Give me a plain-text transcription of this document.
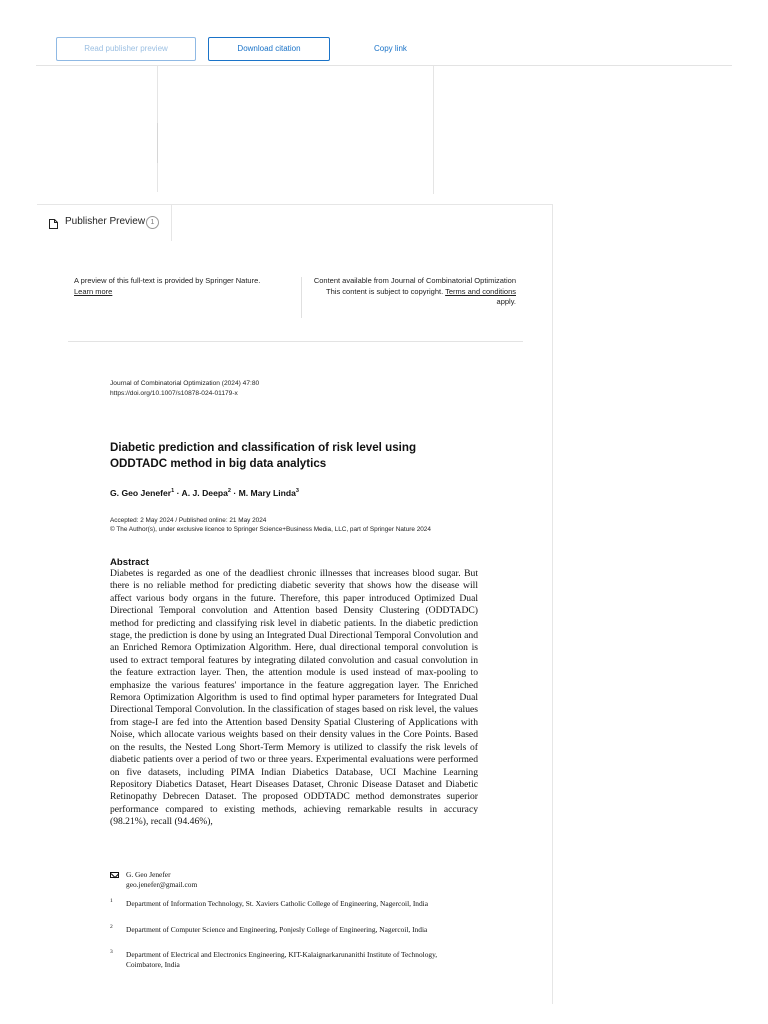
Read publisher preview	Download citation	Copy link
Publisher Preview 1
A preview of this full-text is provided by Springer Nature.
Learn more
Content available from Journal of Combinatorial Optimization
This content is subject to copyright. Terms and conditions apply.
Journal of Combinatorial Optimization (2024) 47:80
https://doi.org/10.1007/s10878-024-01179-x
Diabetic prediction and classification of risk level using ODDTADC method in big data analytics
G. Geo Jenefer$^1$ · A. J. Deepa$^2$ · M. Mary Linda$^3$
Accepted: 2 May 2024 / Published online: 21 May 2024
© The Author(s), under exclusive licence to Springer Science+Business Media, LLC, part of Springer Nature 2024
Abstract

Diabetes is regarded as one of the deadliest chronic illnesses that increases blood sugar. But there is no reliable method for predicting diabetic severity that shows how the disease will affect various body organs in the future. Therefore, this paper introduced Optimized Dual Directional Temporal convolution and Attention based Density Clustering (ODDTADC) method for predicting and classifying risk level in diabetic patients. In the diabetic prediction stage, the prediction is done by using an Integrated Dual Directional Temporal Convolution and an Enriched Remora Optimization Algorithm. Here, dual directional temporal convolution is used to extract temporal features by integrating dilated convolution and casual convolution in the feature extraction layer. Then, the attention module is used instead of max-pooling to emphasize the various features' importance in the feature aggregation layer. The Enriched Remora Optimization Algorithm is used to find optimal hyper parameters for Integrated Dual Directional Temporal Convolution. In the classification of stages based on risk level, the values from stage-I are fed into the Attention based Density Spatial Clustering of Applications with Noise, which allocate various weights based on their density values in the Core Points. Based on the results, the Nested Long Short-Term Memory is utilized to classify the risk levels of diabetic patients over a period of two or three years. Experimental evaluations were performed on five datasets, including PIMA Indian Diabetics Database, UCI Machine Learning Repository Diabetics Dataset, Heart Diseases Dataset, Chronic Disease Dataset and Diabetic Retinopathy Debrecen Dataset. The proposed ODDTADC method demonstrates superior performance compared to existing methods, achieving remarkable results in accuracy (98.21%), recall (94.46%),

G. Geo Jenefer
geo.jenefer@gmail.com
1 Department of Information Technology, St. Xaviers Catholic College of Engineering, Nagercoil, India
2 Department of Computer Science and Engineering, Ponjesly College of Engineering, Nagercoil, India
3 Department of Electrical and Electronics Engineering, KIT-Kalaignarkarunanithi Institute of Technology, Coimbatore, India
